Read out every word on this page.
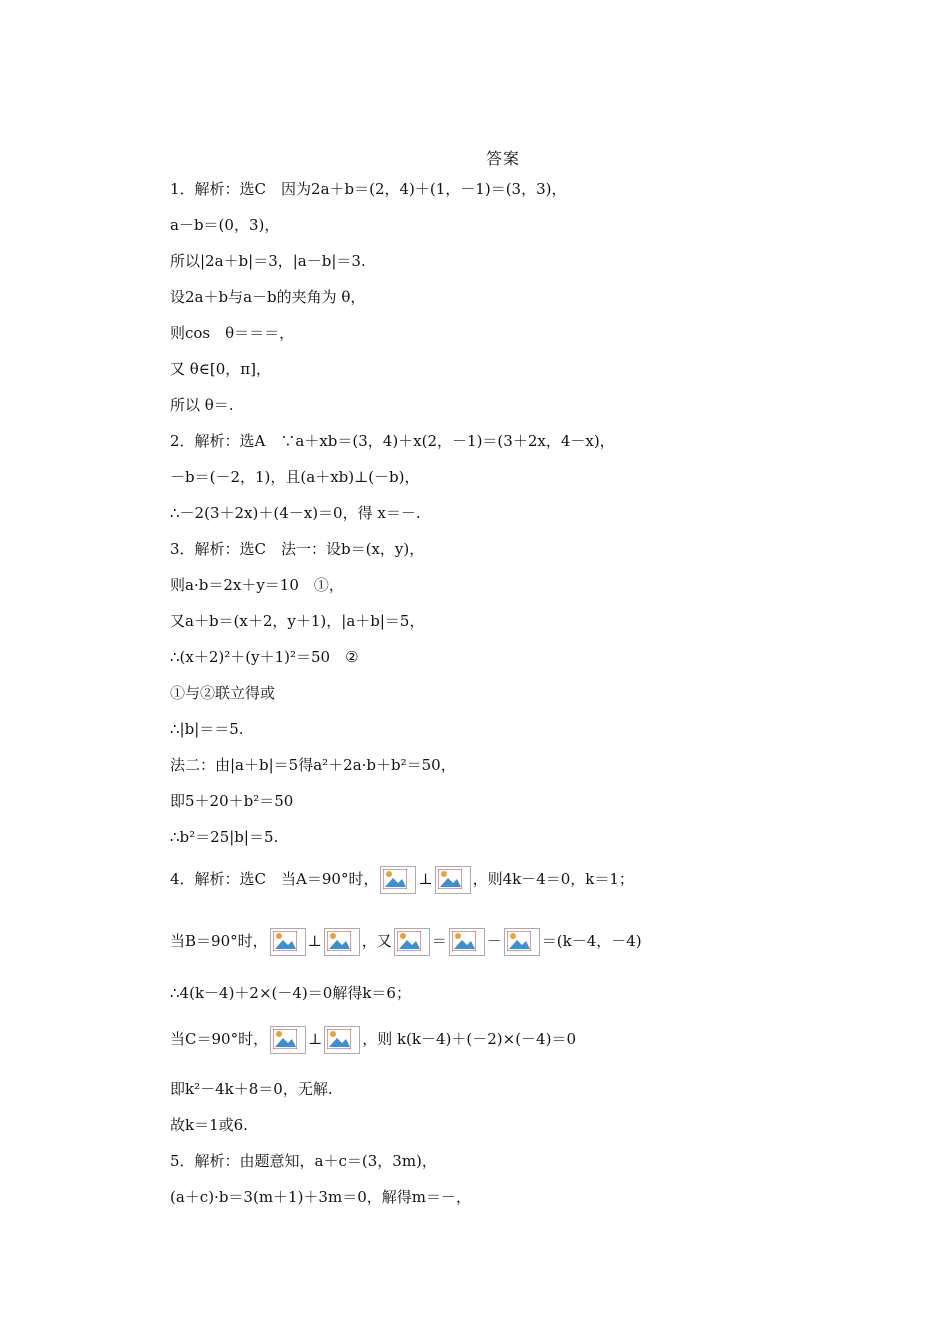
答案
1．解析：选C　因为2a＋b＝(2，4)＋(1，－1)＝(3，3)，
a－b＝(0，3)，
所以|2a＋b|＝3，|a－b|＝3.
设2a＋b与a－b的夹角为 θ，
则cos　θ＝＝＝，
又 θ∈[0，π]，
所以 θ＝.
2．解析：选A　∵a＋xb＝(3，4)＋x(2，－1)＝(3＋2x，4－x)，
－b＝(－2，1)，且(a＋xb)⊥(－b)，
∴－2(3＋2x)＋(4－x)＝0，得 x＝－.
3．解析：选C　法一：设b＝(x，y)，
则a·b＝2x＋y＝10　①，
又a＋b＝(x＋2，y＋1)，|a＋b|＝5，
∴(x＋2)²＋(y＋1)²＝50　②
①与②联立得或
∴|b|＝＝5.
法二：由|a＋b|＝5得a²＋2a·b＋b²＝50，
即5＋20＋b²＝50
∴b²＝25|b|＝5.
4．解析：选C　当A＝90°时，	⊥	，则4k－4＝0，k＝1；
当B＝90°时，	⊥	，又	＝	－	＝(k－4，－4)
∴4(k－4)＋2×(－4)＝0解得k＝6；
当C＝90°时，	⊥	，则 k(k－4)＋(－2)×(－4)＝0
即k²－4k＋8＝0，无解.
故k＝1或6.
5．解析：由题意知，a＋c＝(3，3m)，
(a＋c)·b＝3(m＋1)＋3m＝0，解得m＝－，
